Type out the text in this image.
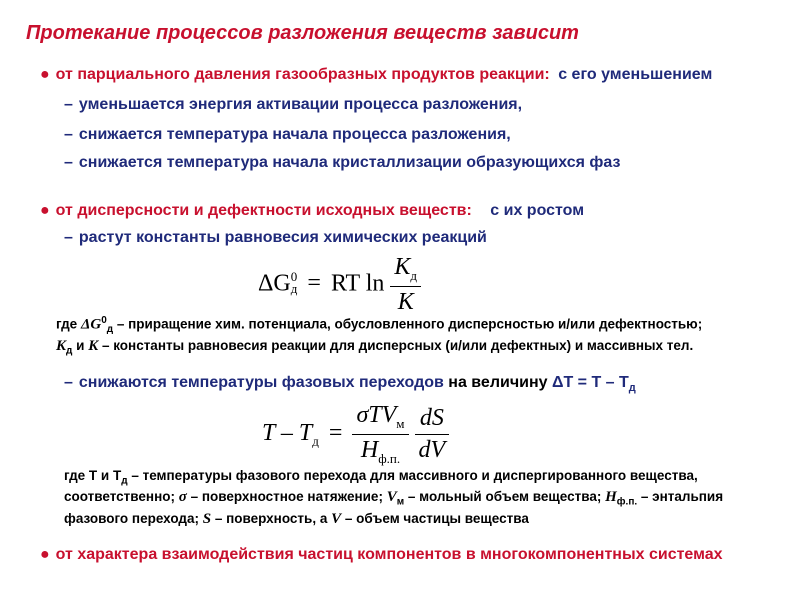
Протекание процессов разложения веществ зависит
● от парциального давления газообразных продуктов реакции: с его уменьшением
– уменьшается энергия активации процесса разложения,
– снижается температура начала процесса разложения,
– снижается температура начала кристаллизации образующихся фаз
● от дисперсности и дефектности исходных веществ: с их ростом
– растут константы равновесия химических реакций
ΔG 0
д = RT $\ln \frac{K_д}{K}$
где $\Delta G^0_д$ – приращение хим. потенциала, обусловленного дисперсностью и/или дефектностью;
$K_д$ и K – константы равновесия реакции для дисперсных (и/или дефектных) и массивных тел.
– снижаются температуры фазовых переходов на величину $\Delta T = T - T_д$
$T - T_д = \frac{\sigma TV_м}{H_{ф.п.}}$
$\frac{dS}{dV}$
где T и $T_д$ – температуры фазового перехода для массивного и диспергированного вещества,
соответственно; σ – поверхностное натяжение; $V_м$ – мольный объем вещества; $H_{ф.п.}$ – энтальпия
фазового перехода; S – поверхность, а V – объем частицы вещества
● от характера взаимодействия частиц компонентов в многокомпонентных системах
